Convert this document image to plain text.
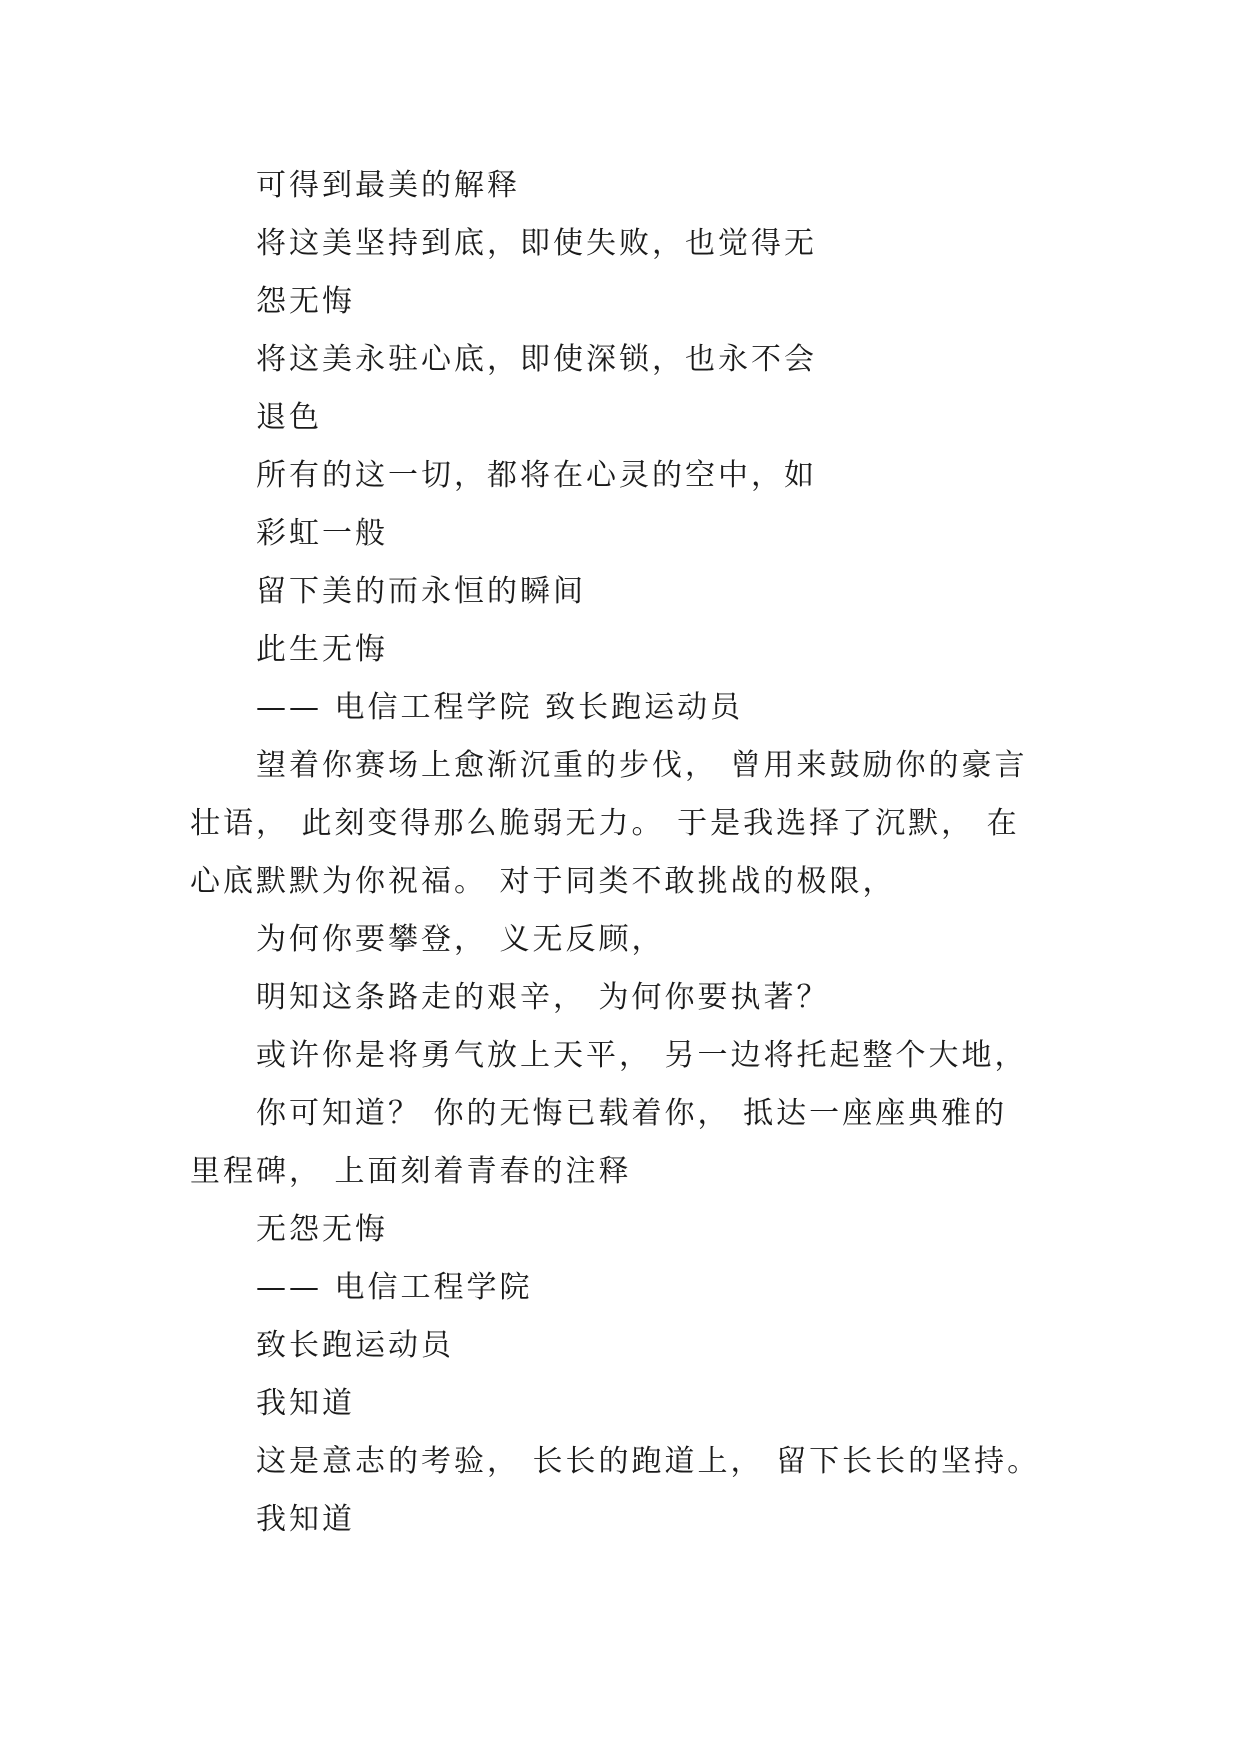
可得到最美的解释

将这美坚持到底，即使失败，也觉得无

怨无悔

将这美永驻心底，即使深锁，也永不会

退色

所有的这一切，都将在心灵的空中，如

彩虹一般

留下美的而永恒的瞬间

此生无悔

—— 电信工程学院 致长跑运动员

望着你赛场上愈渐沉重的步伐， 曾用来鼓励你的豪言

壮语， 此刻变得那么脆弱无力。 于是我选择了沉默， 在

心底默默为你祝福。 对于同类不敢挑战的极限，

为何你要攀登， 义无反顾，

明知这条路走的艰辛， 为何你要执著？

或许你是将勇气放上天平， 另一边将托起整个大地，

你可知道？ 你的无悔已载着你， 抵达一座座典雅的

里程碑， 上面刻着青春的注释

无怨无悔

—— 电信工程学院

致长跑运动员

我知道

这是意志的考验， 长长的跑道上， 留下长长的坚持。

我知道
